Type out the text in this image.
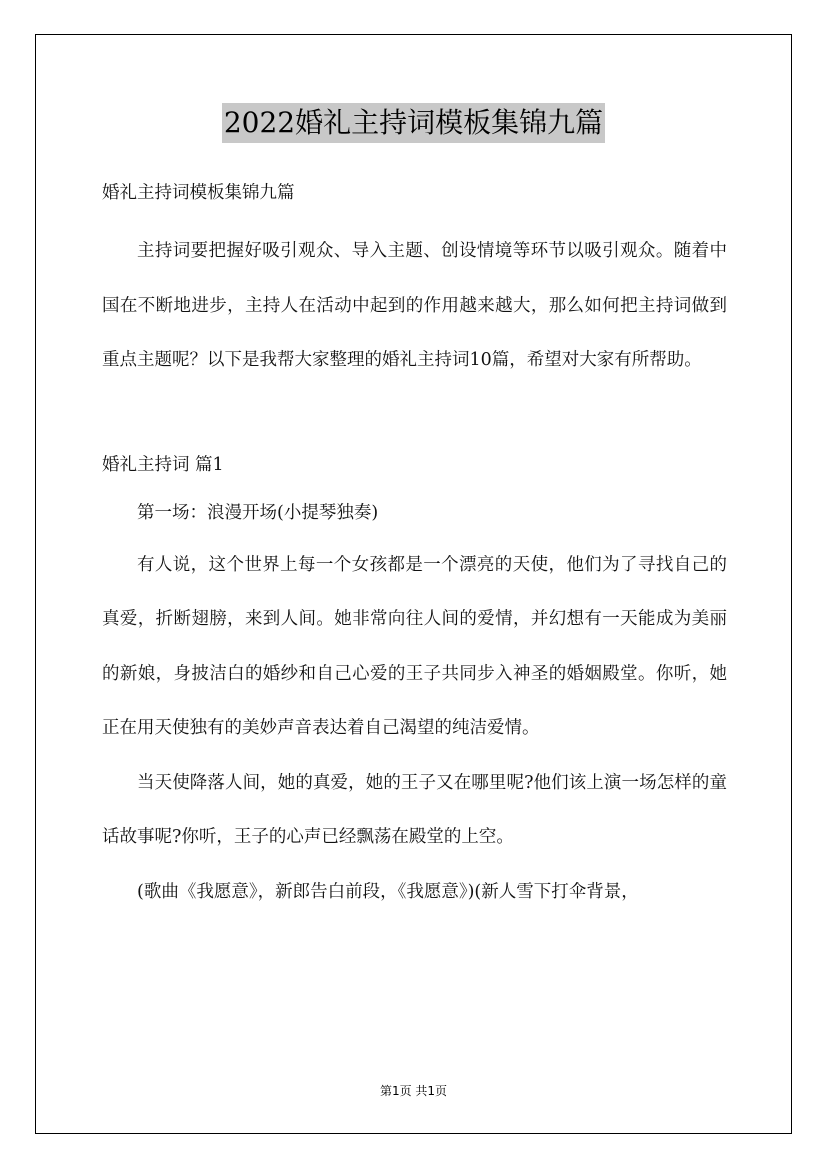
2022婚礼主持词模板集锦九篇

婚礼主持词模板集锦九篇

主持词要把握好吸引观众、导入主题、创设情境等环节以吸引观众。随着中国在不断地进步，主持人在活动中起到的作用越来越大，那么如何把主持词做到重点主题呢？以下是我帮大家整理的婚礼主持词10篇，希望对大家有所帮助。

婚礼主持词 篇1

第一场：浪漫开场(小提琴独奏)

有人说，这个世界上每一个女孩都是一个漂亮的天使，他们为了寻找自己的真爱，折断翅膀，来到人间。她非常向往人间的爱情，并幻想有一天能成为美丽的新娘，身披洁白的婚纱和自己心爱的王子共同步入神圣的婚姻殿堂。你听，她正在用天使独有的美妙声音表达着自己渴望的纯洁爱情。

当天使降落人间，她的真爱，她的王子又在哪里呢?他们该上演一场怎样的童话故事呢?你听，王子的心声已经飘荡在殿堂的上空。

(歌曲《我愿意》，新郎告白前段，《我愿意》)(新人雪下打伞背景，

第1页 共1页
